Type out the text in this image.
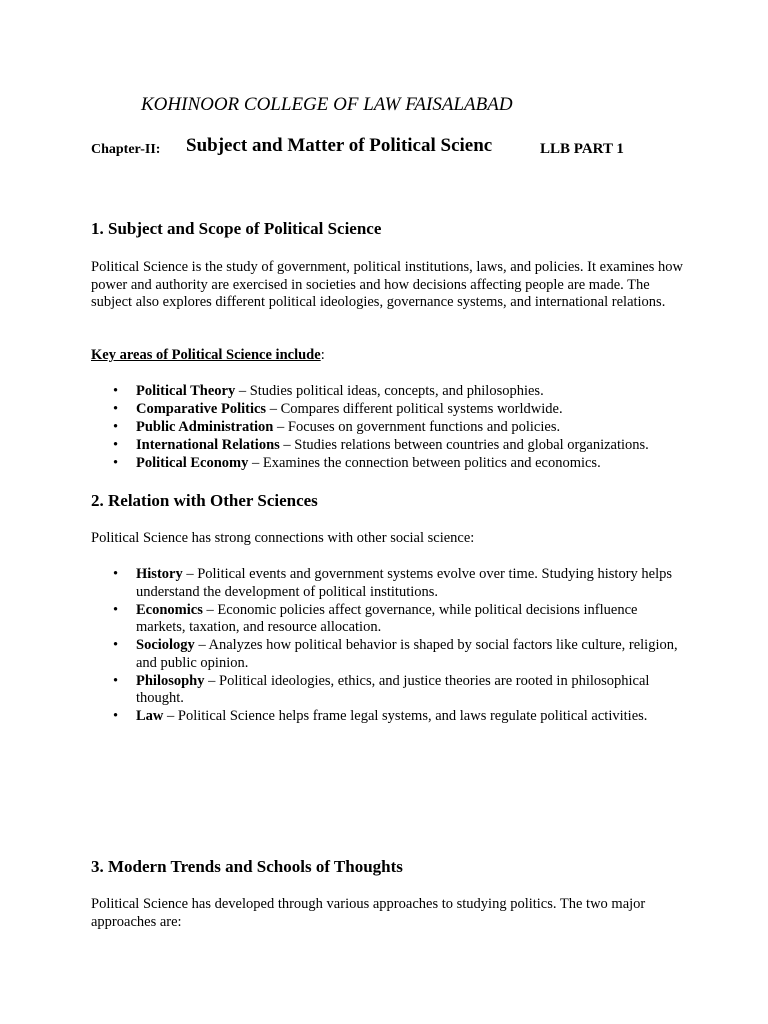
KOHINOOR COLLEGE OF LAW FAISALABAD
Chapter-II: Subject and Matter of Political Scienc	LLB PART 1
1. Subject and Scope of Political Science

Political Science is the study of government, political institutions, laws, and policies. It examines how power and authority are exercised in societies and how decisions affecting people are made. The subject also explores different political ideologies, governance systems, and international relations.

Key areas of Political Science include:

• Political Theory – Studies political ideas, concepts, and philosophies.
• Comparative Politics – Compares different political systems worldwide.
• Public Administration – Focuses on government functions and policies.
• International Relations – Studies relations between countries and global organizations.
• Political Economy – Examines the connection between politics and economics.
2. Relation with Other Sciences

Political Science has strong connections with other social science:

• History – Political events and government systems evolve over time. Studying history helps understand the development of political institutions.
• Economics – Economic policies affect governance, while political decisions influence markets, taxation, and resource allocation.
• Sociology – Analyzes how political behavior is shaped by social factors like culture, religion, and public opinion.
• Philosophy – Political ideologies, ethics, and justice theories are rooted in philosophical thought.
• Law – Political Science helps frame legal systems, and laws regulate political activities.
3. Modern Trends and Schools of Thoughts

Political Science has developed through various approaches to studying politics. The two major approaches are:
